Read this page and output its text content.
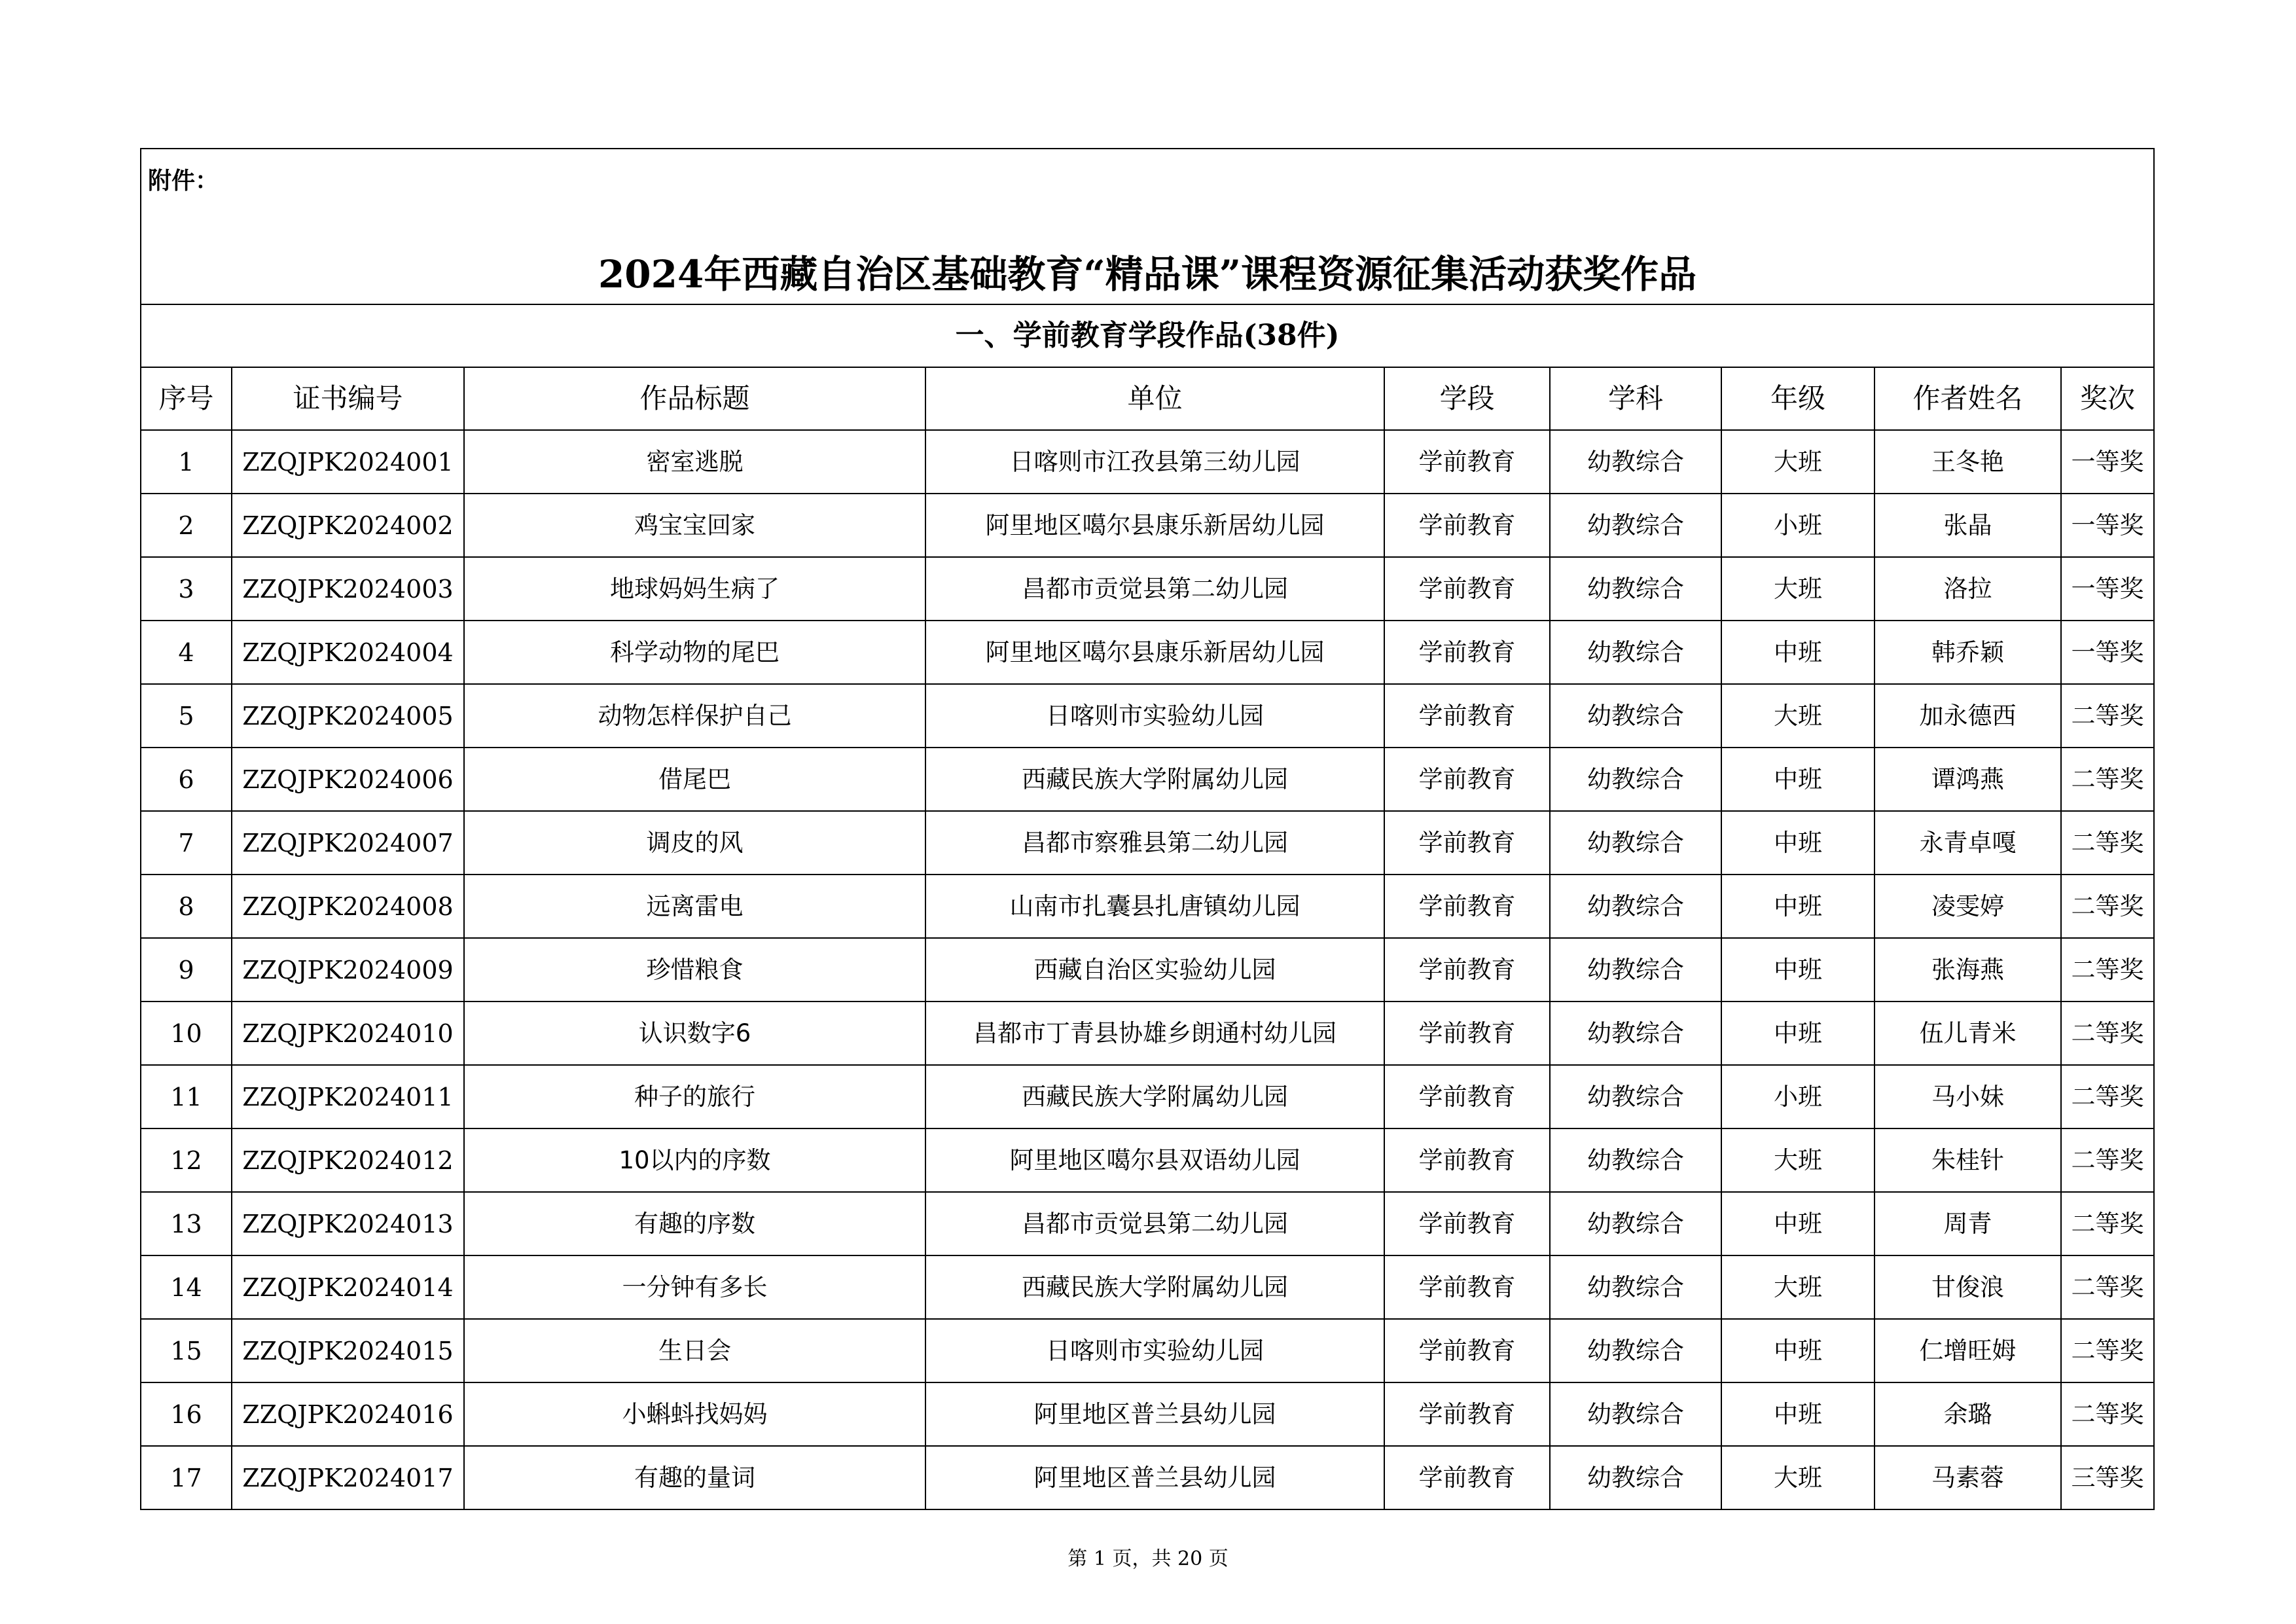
附件：								
2024年西藏自治区基础教育“精品课”课程资源征集活动获奖作品								
一、学前教育学段作品(38件)								
序号	证书编号	作品标题	单位	学段	学科	年级	作者姓名	奖次
1	ZZQJPK2024001	密室逃脱	日喀则市江孜县第三幼儿园	学前教育	幼教综合	大班	王冬艳	一等奖
2	ZZQJPK2024002	鸡宝宝回家	阿里地区噶尔县康乐新居幼儿园	学前教育	幼教综合	小班	张晶	一等奖
3	ZZQJPK2024003	地球妈妈生病了	昌都市贡觉县第二幼儿园	学前教育	幼教综合	大班	洛拉	一等奖
4	ZZQJPK2024004	科学动物的尾巴	阿里地区噶尔县康乐新居幼儿园	学前教育	幼教综合	中班	韩乔颖	一等奖
5	ZZQJPK2024005	动物怎样保护自己	日喀则市实验幼儿园	学前教育	幼教综合	大班	加永德西	二等奖
6	ZZQJPK2024006	借尾巴	西藏民族大学附属幼儿园	学前教育	幼教综合	中班	谭鸿燕	二等奖
7	ZZQJPK2024007	调皮的风	昌都市察雅县第二幼儿园	学前教育	幼教综合	中班	永青卓嘎	二等奖
8	ZZQJPK2024008	远离雷电	山南市扎囊县扎唐镇幼儿园	学前教育	幼教综合	中班	凌雯婷	二等奖
9	ZZQJPK2024009	珍惜粮食	西藏自治区实验幼儿园	学前教育	幼教综合	中班	张海燕	二等奖
10	ZZQJPK2024010	认识数字6	昌都市丁青县协雄乡朗通村幼儿园	学前教育	幼教综合	中班	伍儿青米	二等奖
11	ZZQJPK2024011	种子的旅行	西藏民族大学附属幼儿园	学前教育	幼教综合	小班	马小妹	二等奖
12	ZZQJPK2024012	10以内的序数	阿里地区噶尔县双语幼儿园	学前教育	幼教综合	大班	朱桂针	二等奖
13	ZZQJPK2024013	有趣的序数	昌都市贡觉县第二幼儿园	学前教育	幼教综合	中班	周青	二等奖
14	ZZQJPK2024014	一分钟有多长	西藏民族大学附属幼儿园	学前教育	幼教综合	大班	甘俊浪	二等奖
15	ZZQJPK2024015	生日会	日喀则市实验幼儿园	学前教育	幼教综合	中班	仁增旺姆	二等奖
16	ZZQJPK2024016	小蝌蚪找妈妈	阿里地区普兰县幼儿园	学前教育	幼教综合	中班	余璐	二等奖
17	ZZQJPK2024017	有趣的量词	阿里地区普兰县幼儿园	学前教育	幼教综合	大班	马素蓉	三等奖
第 1 页，共 20 页
